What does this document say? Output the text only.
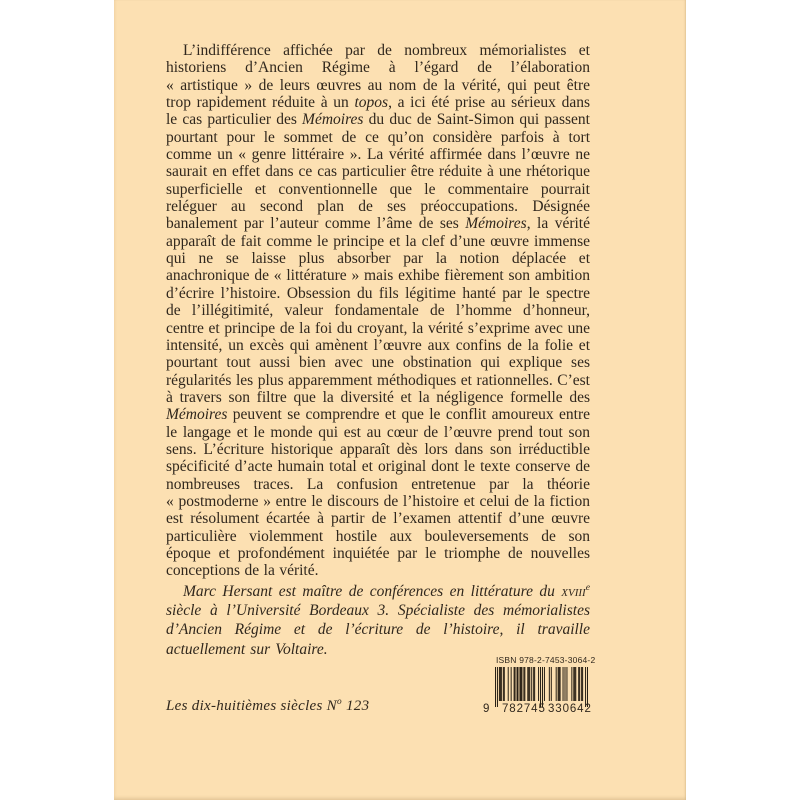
L’indifférence affichée par de nombreux mémorialistes et historiens d’Ancien Régime à l’égard de l’élaboration « artistique » de leurs œuvres au nom de la vérité, qui peut être trop rapidement réduite à un topos, a ici été prise au sérieux dans le cas particulier des Mémoires du duc de Saint-Simon qui passent pourtant pour le sommet de ce qu’on considère parfois à tort comme un « genre littéraire ». La vérité affirmée dans l’œuvre ne saurait en effet dans ce cas particulier être réduite à une rhétorique superficielle et conventionnelle que le commentaire pourrait reléguer au second plan de ses préoccupations. Désignée banalement par l’auteur comme l’âme de ses Mémoires, la vérité apparaît de fait comme le principe et la clef d’une œuvre immense qui ne se laisse plus absorber par la notion déplacée et anachronique de « littérature » mais exhibe fièrement son ambition d’écrire l’histoire. Obsession du fils légitime hanté par le spectre de l’illégitimité, valeur fondamentale de l’homme d’honneur, centre et principe de la foi du croyant, la vérité s’exprime avec une intensité, un excès qui amènent l’œuvre aux confins de la folie et pourtant tout aussi bien avec une obstination qui explique ses régularités les plus apparemment méthodiques et rationnelles. C’est à travers son filtre que la diversité et la négligence formelle des Mémoires peuvent se comprendre et que le conflit amoureux entre le langage et le monde qui est au cœur de l’œuvre prend tout son sens. L’écriture historique apparaît dès lors dans son irréductible spécificité d’acte humain total et original dont le texte conserve de nombreuses traces. La confusion entretenue par la théorie « postmoderne » entre le discours de l’histoire et celui de la fiction est résolument écartée à partir de l’examen attentif d’une œuvre particulière violemment hostile aux bouleversements de son époque et profondément inquiétée par le triomphe de nouvelles conceptions de la vérité.

Marc Hersant est maître de conférences en littérature du xviii$^e$ siècle à l’Université Bordeaux 3. Spécialiste des mémorialistes d’Ancien Régime et de l’écriture de l’histoire, il travaille actuellement sur Voltaire.

Les dix-huitièmes siècles $N^o$ 123

ISBN 978-2-7453-3064-2

9 782745 330642
